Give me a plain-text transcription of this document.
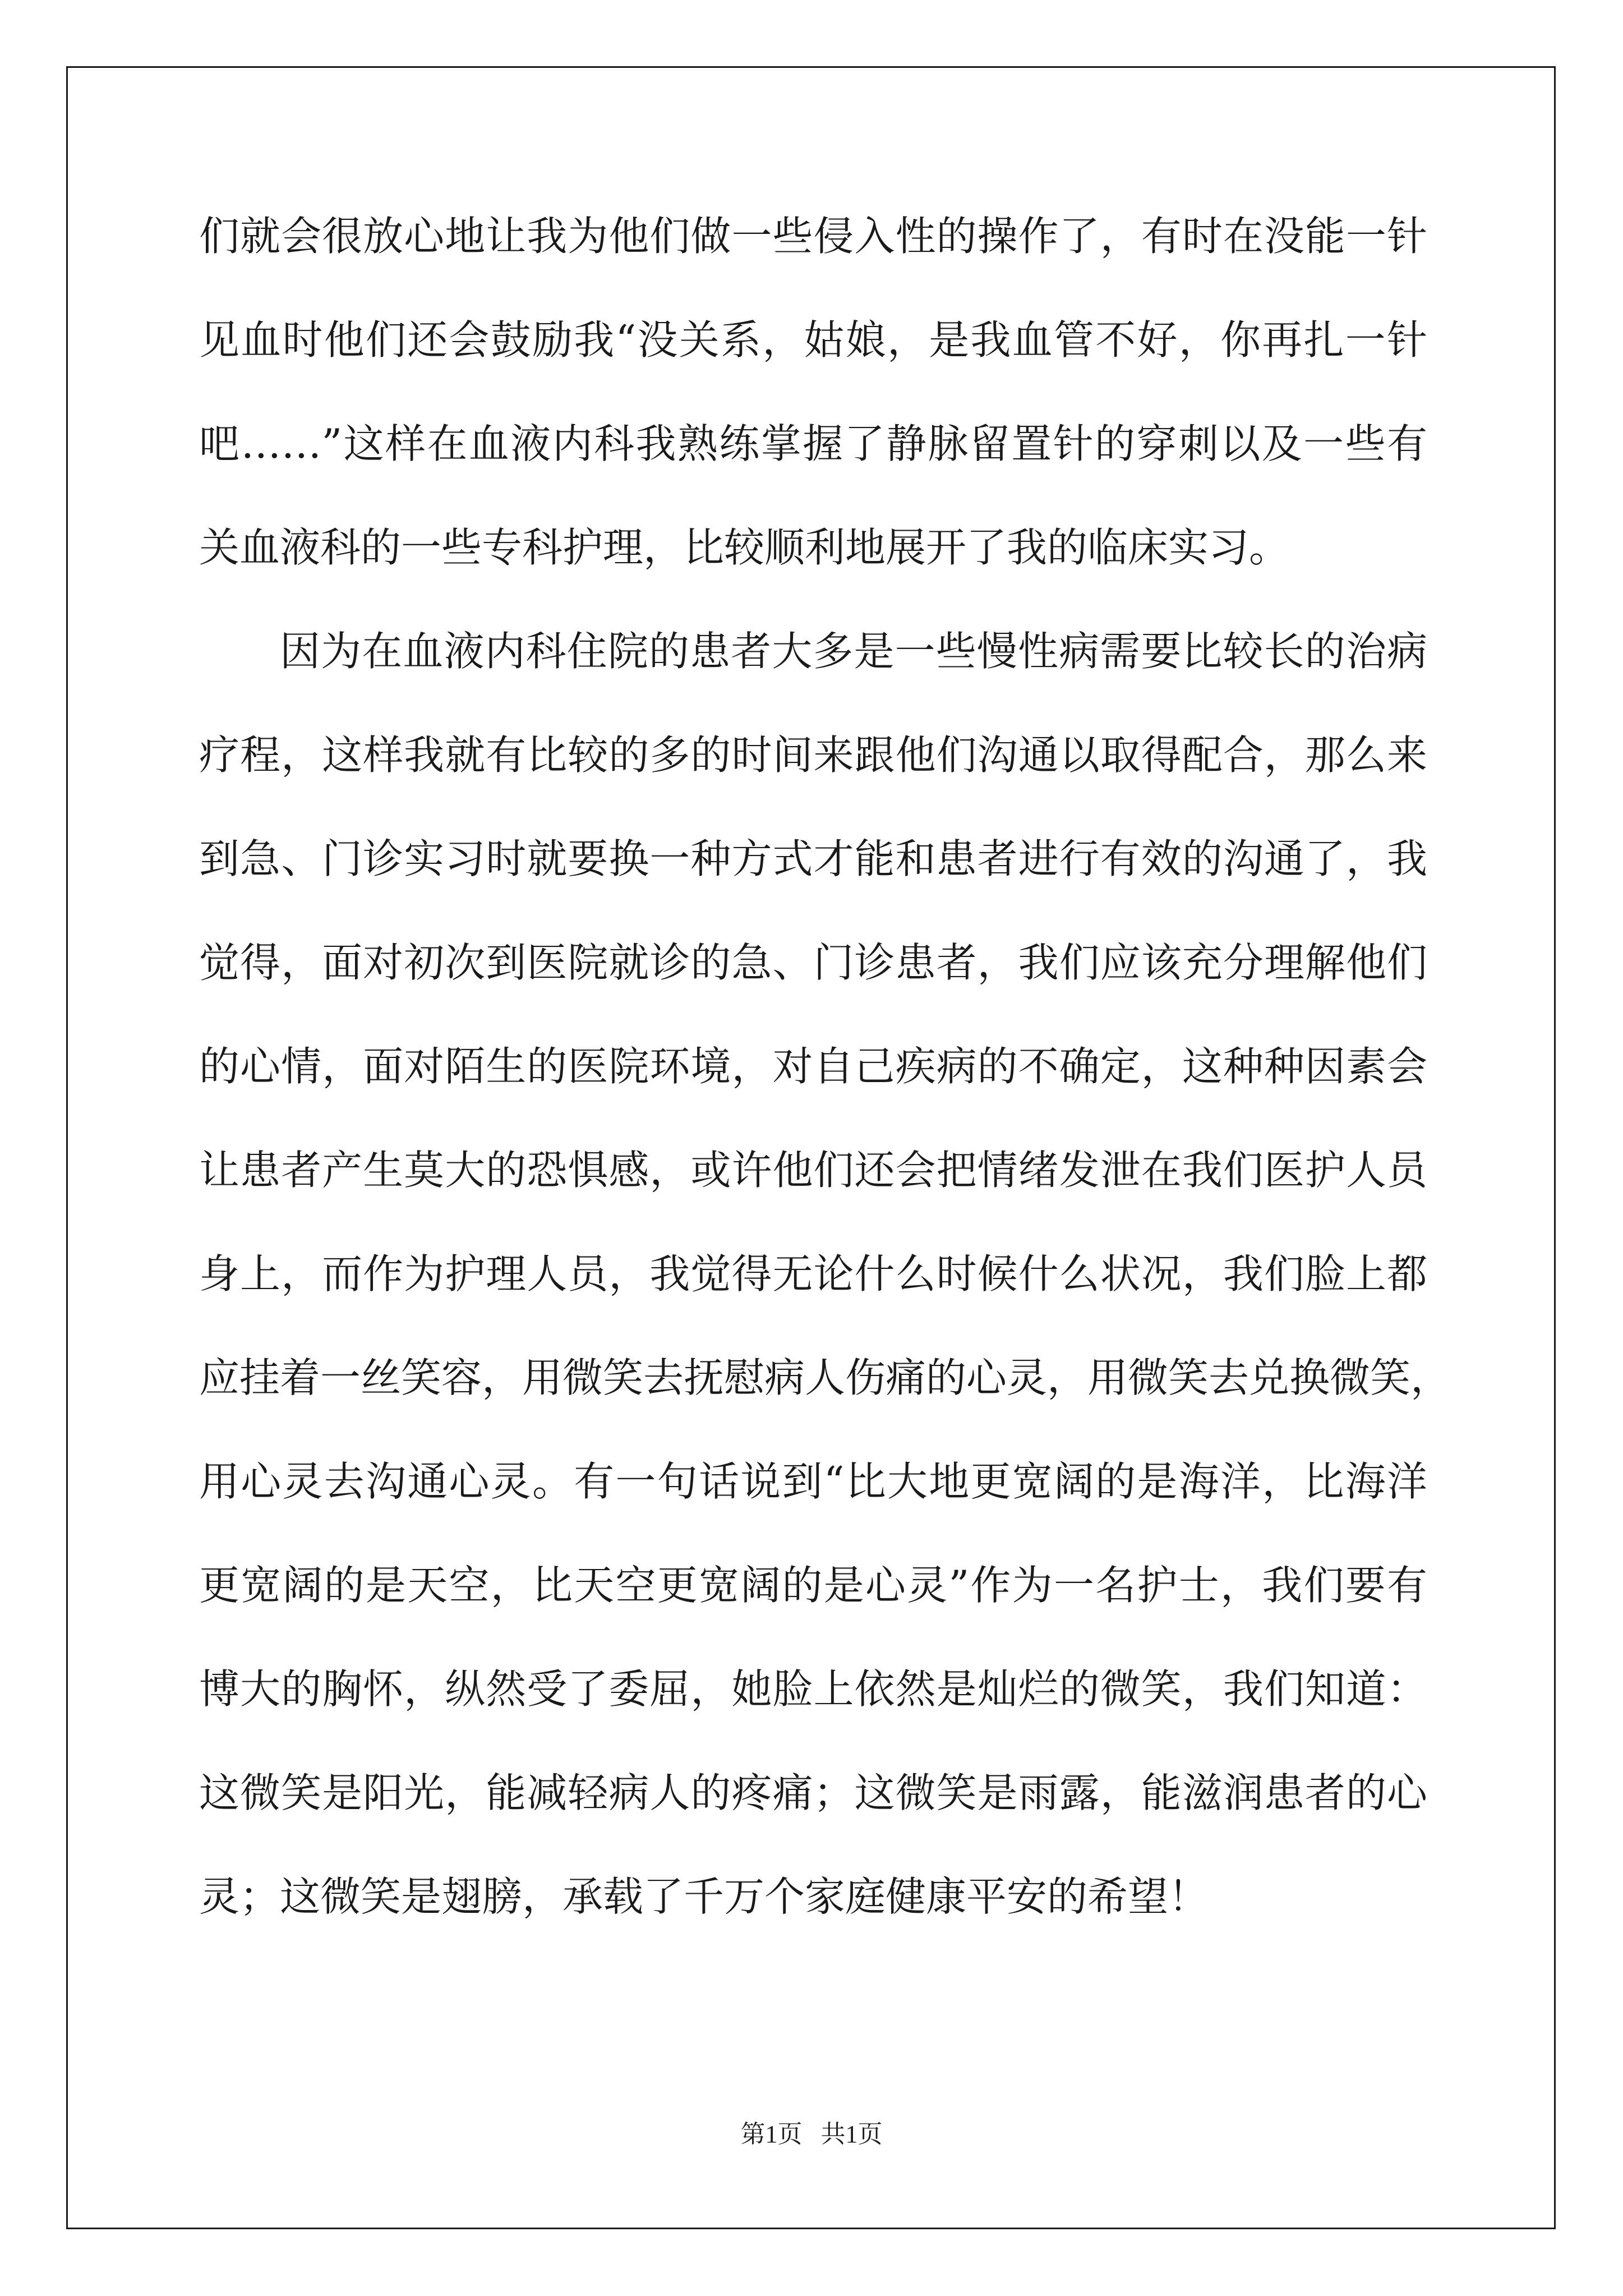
们就会很放心地让我为他们做一些侵入性的操作了，有时在没能一针
见血时他们还会鼓励我“没关系，姑娘，是我血管不好，你再扎一针
吧……”这样在血液内科我熟练掌握了静脉留置针的穿刺以及一些有
关血液科的一些专科护理，比较顺利地展开了我的临床实习。
因为在血液内科住院的患者大多是一些慢性病需要比较长的治病
疗程，这样我就有比较的多的时间来跟他们沟通以取得配合，那么来
到急、门诊实习时就要换一种方式才能和患者进行有效的沟通了，我
觉得，面对初次到医院就诊的急、门诊患者，我们应该充分理解他们
的心情，面对陌生的医院环境，对自己疾病的不确定，这种种因素会
让患者产生莫大的恐惧感，或许他们还会把情绪发泄在我们医护人员
身上，而作为护理人员，我觉得无论什么时候什么状况，我们脸上都
应挂着一丝笑容，用微笑去抚慰病人伤痛的心灵，用微笑去兑换微笑，
用心灵去沟通心灵。有一句话说到“比大地更宽阔的是海洋，比海洋
更宽阔的是天空，比天空更宽阔的是心灵”作为一名护士，我们要有
博大的胸怀，纵然受了委屈，她脸上依然是灿烂的微笑，我们知道：
这微笑是阳光，能减轻病人的疼痛；这微笑是雨露，能滋润患者的心
灵；这微笑是翅膀，承载了千万个家庭健康平安的希望！
第1页 共1页
